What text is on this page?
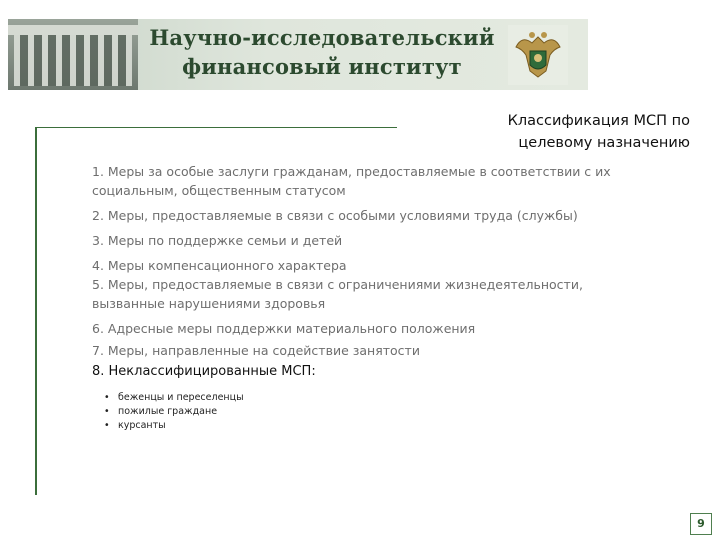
Научно-исследовательский
финансовый институт
Классификация МСП по
целевому назначению
1. Меры за особые заслуги гражданам, предоставляемые в соответствии с их социальным, общественным статусом
2. Меры, предоставляемые в связи с особыми условиями труда (службы)
3. Меры по поддержке семьи и детей
4. Меры компенсационного характера
5. Меры, предоставляемые в связи с ограничениями жизнедеятельности, вызванные нарушениями здоровья
6. Адресные меры поддержки материального положения
7. Меры, направленные на содействие занятости
8. Неклассифицированные МСП:
• беженцы и переселенцы
• пожилые граждане
• курсанты
9
